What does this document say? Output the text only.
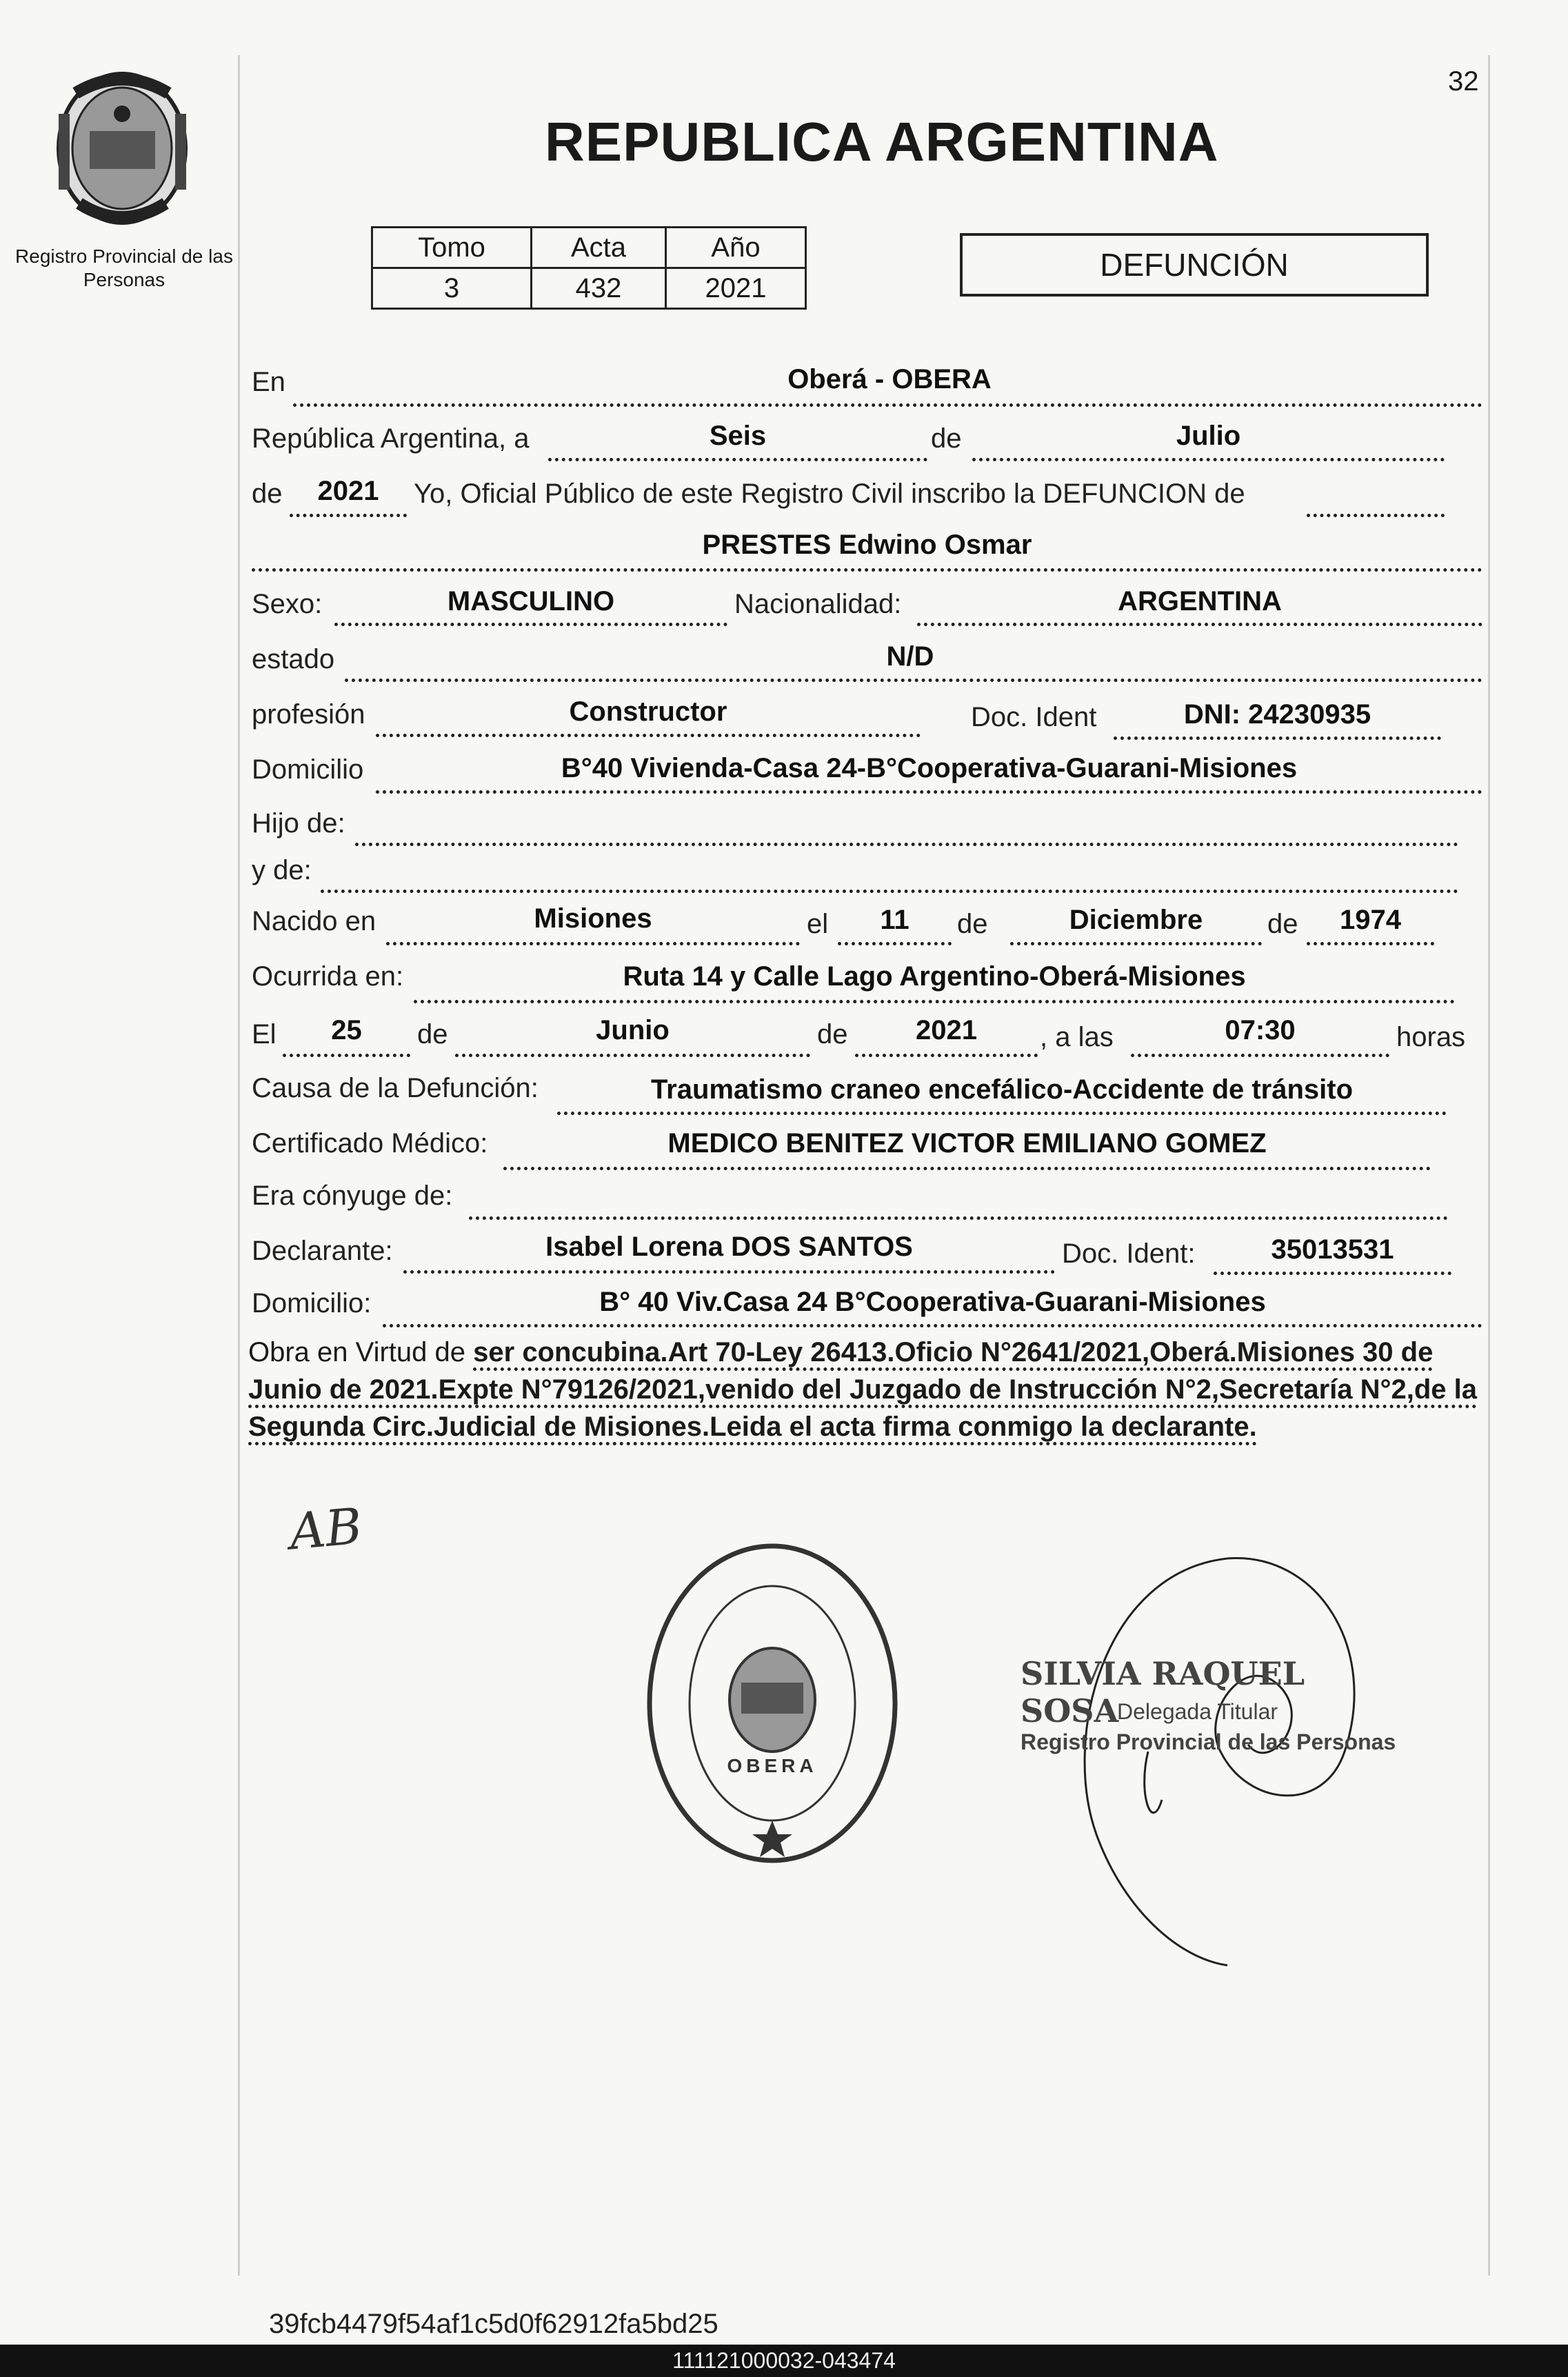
32
Registro Provincial de las Personas
REPUBLICA ARGENTINA
Tomo	Acta	Año
3	432	2021
DEFUNCIÓN
En	Oberá - OBERA
República Argentina, a	Seis	de	Julio
de	2021	Yo, Oficial Público de este Registro Civil inscribo la DEFUNCION de
PRESTES Edwino Osmar
Sexo:	MASCULINO	Nacionalidad:	ARGENTINA
estado	N/D
profesión	Constructor	Doc. Ident	DNI: 24230935
Domicilio	B°40 Vivienda-Casa 24-B°Cooperativa-Guarani-Misiones
Hijo de:
y de:
Nacido en	Misiones	el	11	de	Diciembre	de	1974
Ocurrida en:	Ruta 14 y Calle Lago Argentino-Oberá-Misiones
El	25	de	Junio	de	2021	, a las	07:30	horas
Causa de la Defunción:	Traumatismo craneo encefálico-Accidente de tránsito
Certificado Médico:	MEDICO BENITEZ VICTOR EMILIANO GOMEZ
Era cónyuge de:
Declarante:	Isabel Lorena DOS SANTOS	Doc. Ident:	35013531
Domicilio:	B° 40 Viv.Casa 24 B°Cooperativa-Guarani-Misiones
Obra en Virtud de ser concubina.Art 70-Ley 26413.Oficio N°2641/2021,Oberá.Misiones 30 de Junio de 2021.Expte N°79126/2021,venido del Juzgado de Instrucción N°2,Secretaría N°2,de la Segunda Circ.Judicial de Misiones.Leida el acta firma conmigo la declarante.
AB
OBERA
SILVIA RAQUEL SOSA
Delegada Titular
Registro Provincial de las Personas
39fcb4479f54af1c5d0f62912fa5bd25
111121000032-043474
